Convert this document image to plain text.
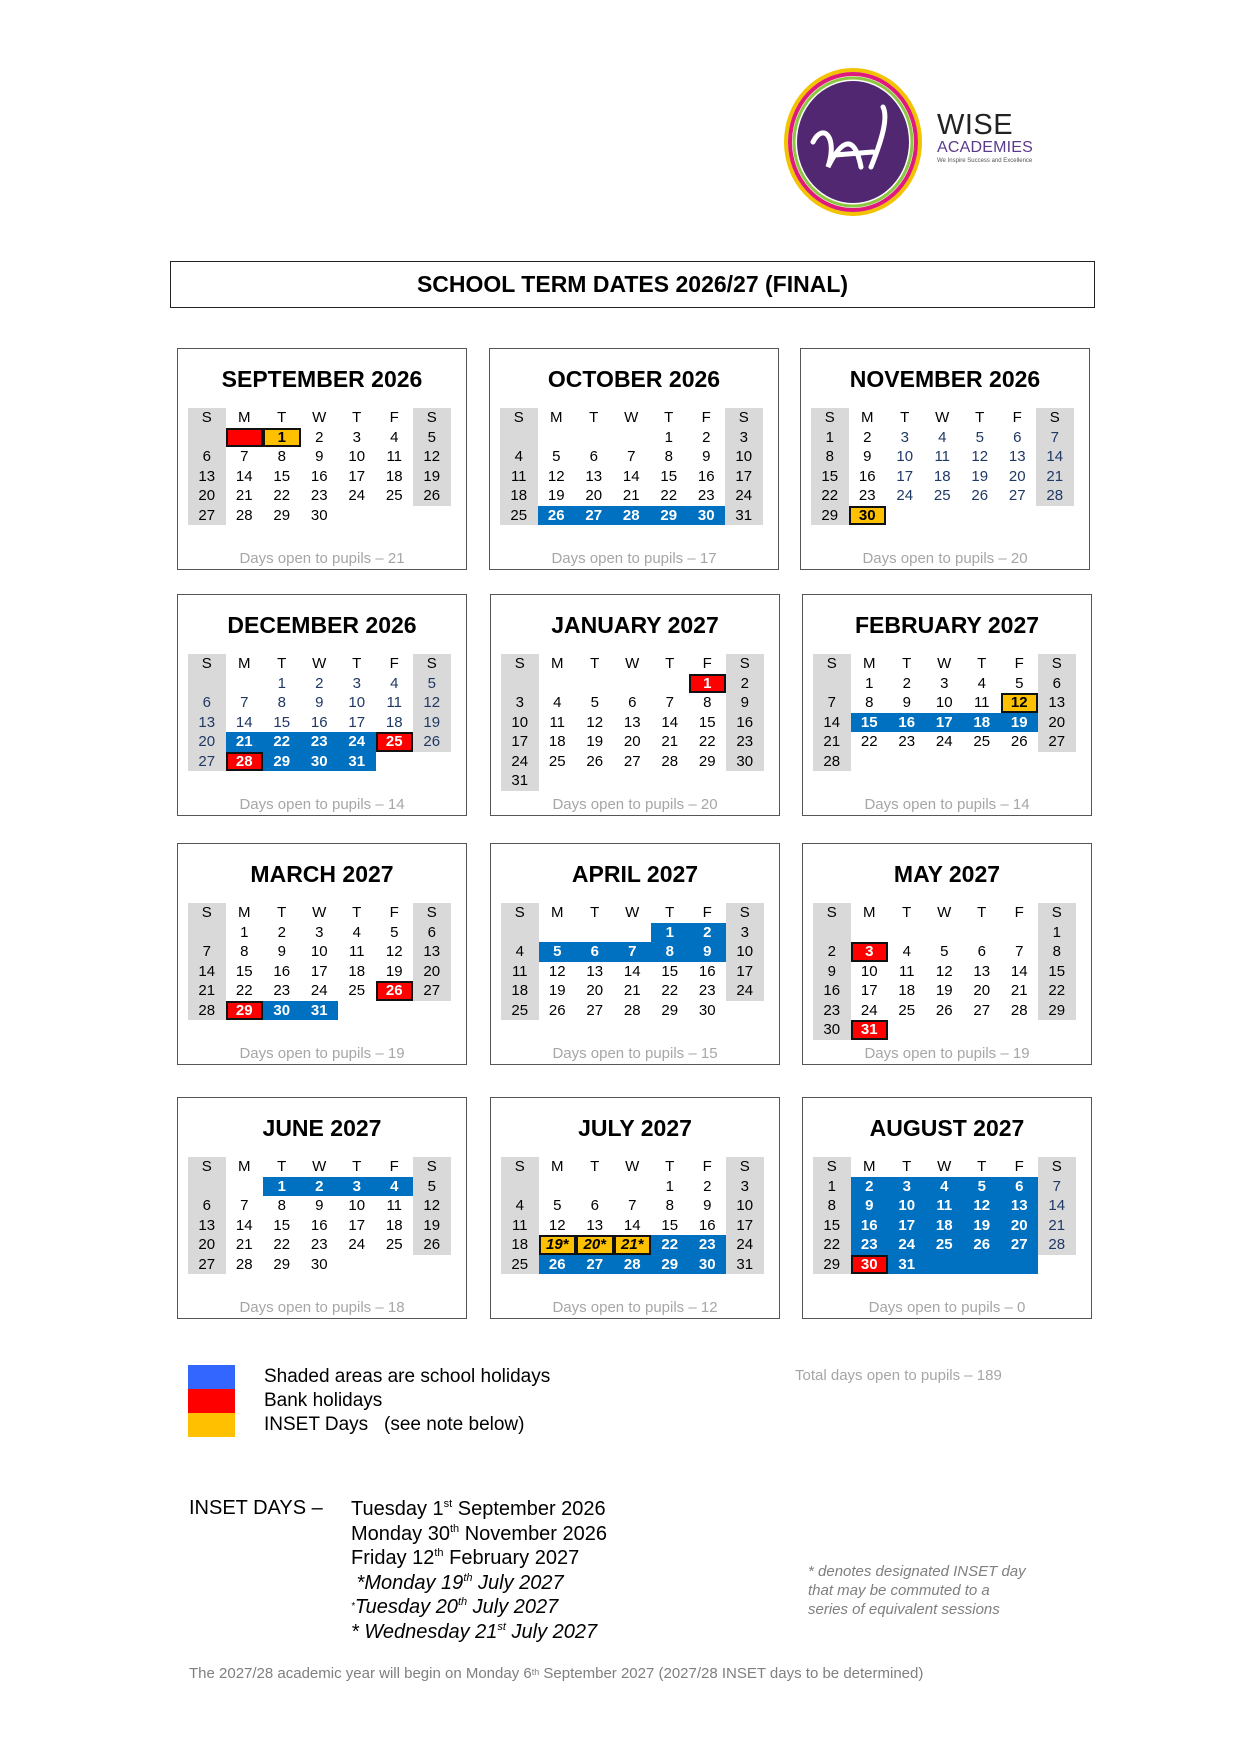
WISE
ACADEMIES
We Inspire Success and Excellence
SCHOOL TERM DATES 2026/27 (FINAL)
SEPTEMBER 2026
S	M	T	W	T	F	S
		1	2	3	4	5
6	7	8	9	10	11	12
13	14	15	16	17	18	19
20	21	22	23	24	25	26
27	28	29	30			
Days open to pupils – 21
OCTOBER 2026
S	M	T	W	T	F	S
				1	2	3
4	5	6	7	8	9	10
11	12	13	14	15	16	17
18	19	20	21	22	23	24
25	26	27	28	29	30	31
Days open to pupils – 17
NOVEMBER 2026
S	M	T	W	T	F	S
1	2	3	4	5	6	7
8	9	10	11	12	13	14
15	16	17	18	19	20	21
22	23	24	25	26	27	28
29	30					
Days open to pupils – 20
DECEMBER 2026
S	M	T	W	T	F	S
		1	2	3	4	5
6	7	8	9	10	11	12
13	14	15	16	17	18	19
20	21	22	23	24	25	26
27	28	29	30	31		
Days open to pupils – 14
JANUARY 2027
S	M	T	W	T	F	S
					1	2
3	4	5	6	7	8	9
10	11	12	13	14	15	16
17	18	19	20	21	22	23
24	25	26	27	28	29	30
31						
Days open to pupils – 20
FEBRUARY 2027
S	M	T	W	T	F	S
	1	2	3	4	5	6
7	8	9	10	11	12	13
14	15	16	17	18	19	20
21	22	23	24	25	26	27
28						
Days open to pupils – 14
MARCH 2027
S	M	T	W	T	F	S
	1	2	3	4	5	6
7	8	9	10	11	12	13
14	15	16	17	18	19	20
21	22	23	24	25	26	27
28	29	30	31			
Days open to pupils – 19
APRIL 2027
S	M	T	W	T	F	S
				1	2	3
4	5	6	7	8	9	10
11	12	13	14	15	16	17
18	19	20	21	22	23	24
25	26	27	28	29	30	
Days open to pupils – 15
MAY 2027
S	M	T	W	T	F	S
						1
2	3	4	5	6	7	8
9	10	11	12	13	14	15
16	17	18	19	20	21	22
23	24	25	26	27	28	29
30	31					
Days open to pupils – 19
JUNE 2027
S	M	T	W	T	F	S
		1	2	3	4	5
6	7	8	9	10	11	12
13	14	15	16	17	18	19
20	21	22	23	24	25	26
27	28	29	30			
Days open to pupils – 18
JULY 2027
S	M	T	W	T	F	S
				1	2	3
4	5	6	7	8	9	10
11	12	13	14	15	16	17
18	19*	20*	21*	22	23	24
25	26	27	28	29	30	31
Days open to pupils – 12
AUGUST 2027
S	M	T	W	T	F	S
1	2	3	4	5	6	7
8	9	10	11	12	13	14
15	16	17	18	19	20	21
22	23	24	25	26	27	28
29	30	31				
Days open to pupils – 0
Shaded areas are school holidays
Bank holidays
INSET Days   (see note below)
Total days open to pupils – 189
INSET DAYS – Tuesday 1st September 2026
Monday 30th November 2026
Friday 12th February 2027
*Monday 19th July 2027
*Tuesday 20th July 2027
* Wednesday 21st July 2027
* denotes designated INSET day
that may be commuted to a
series of equivalent sessions
The 2027/28 academic year will begin on Monday 6th September 2027 (2027/28 INSET days to be determined)
